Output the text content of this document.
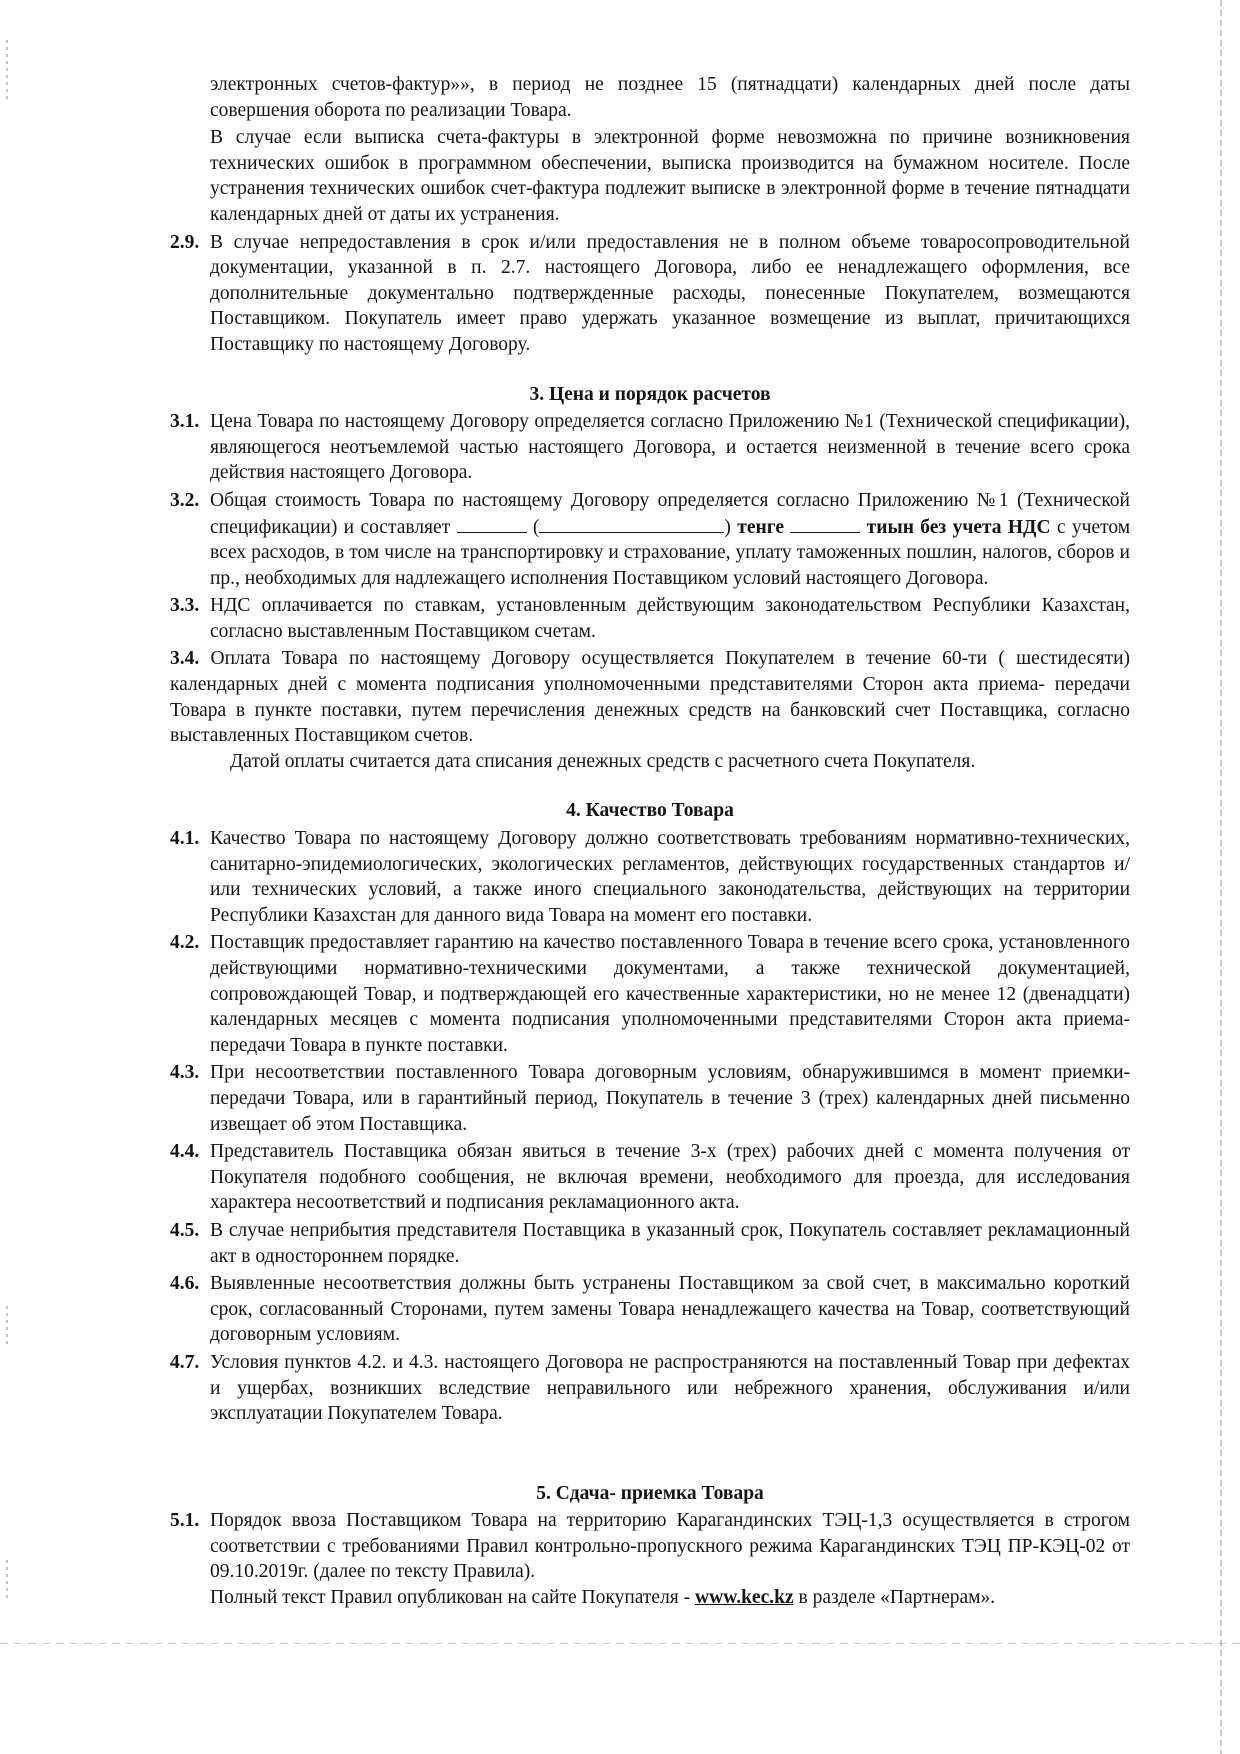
электронных счетов-фактур»», в период не позднее 15 (пятнадцати) календарных дней после даты совершения оборота по реализации Товара.

В случае если выписка счета-фактуры в электронной форме невозможна по причине возникновения технических ошибок в программном обеспечении, выписка производится на бумажном носителе. После устранения технических ошибок счет-фактура подлежит выписке в электронной форме в течение пятнадцати календарных дней от даты их устранения.

2.9. В случае непредоставления в срок и/или предоставления не в полном объеме товаросопроводительной документации, указанной в п. 2.7. настоящего Договора, либо ее ненадлежащего оформления, все дополнительные документально подтвержденные расходы, понесенные Покупателем, возмещаются Поставщиком. Покупатель имеет право удержать указанное возмещение из выплат, причитающихся Поставщику по настоящему Договору.
3. Цена и порядок расчетов
3.1. Цена Товара по настоящему Договору определяется согласно Приложению №1 (Технической спецификации), являющегося неотъемлемой частью настоящего Договора, и остается неизменной в течение всего срока действия настоящего Договора.
3.2. Общая стоимость Товара по настоящему Договору определяется согласно Приложению №1 (Технической спецификации) и составляет	(	) тенге	тиын без учета НДС с учетом всех расходов, в том числе на транспортировку и страхование, уплату таможенных пошлин, налогов, сборов и пр., необходимых для надлежащего исполнения Поставщиком условий настоящего Договора.
3.3. НДС оплачивается по ставкам, установленным действующим законодательством Республики Казахстан, согласно выставленным Поставщиком счетам.

3.4. Оплата Товара по настоящему Договору осуществляется Покупателем в течение 60-ти ( шестидесяти) календарных дней с момента подписания уполномоченными представителями Сторон акта приема- передачи Товара в пункте поставки, путем перечисления денежных средств на банковский счет Поставщика, согласно выставленных Поставщиком счетов.

Датой оплаты считается дата списания денежных средств с расчетного счета Покупателя.

4. Качество Товара
4.1. Качество Товара по настоящему Договору должно соответствовать требованиям нормативно-технических, санитарно-эпидемиологических, экологических регламентов, действующих государственных стандартов и/или технических условий, а также иного специального законодательства, действующих на территории Республики Казахстан для данного вида Товара на момент его поставки.
4.2. Поставщик предоставляет гарантию на качество поставленного Товара в течение всего срока, установленного действующими нормативно-техническими документами, а также технической документацией, сопровождающей Товар, и подтверждающей его качественные характеристики, но не менее 12 (двенадцати) календарных месяцев с момента подписания уполномоченными представителями Сторон акта приема-передачи Товара в пункте поставки.
4.3. При несоответствии поставленного Товара договорным условиям, обнаружившимся в момент приемки-передачи Товара, или в гарантийный период, Покупатель в течение 3 (трех) календарных дней письменно извещает об этом Поставщика.
4.4. Представитель Поставщика обязан явиться в течение 3-х (трех) рабочих дней с момента получения от Покупателя подобного сообщения, не включая времени, необходимого для проезда, для исследования характера несоответствий и подписания рекламационного акта.
4.5. В случае неприбытия представителя Поставщика в указанный срок, Покупатель составляет рекламационный акт в одностороннем порядке.
4.6. Выявленные несоответствия должны быть устранены Поставщиком за свой счет, в максимально короткий срок, согласованный Сторонами, путем замены Товара ненадлежащего качества на Товар, соответствующий договорным условиям.
4.7. Условия пунктов 4.2. и 4.3. настоящего Договора не распространяются на поставленный Товар при дефектах и ущербах, возникших вследствие неправильного или небрежного хранения, обслуживания и/или эксплуатации Покупателем Товара.
5. Сдача- приемка Товара
5.1. Порядок ввоза Поставщиком Товара на территорию Карагандинских ТЭЦ-1,3 осуществляется в строгом соответствии с требованиями Правил контрольно-пропускного режима Карагандинских ТЭЦ ПР-КЭЦ-02 от 09.10.2019г. (далее по тексту Правила).
Полный текст Правил опубликован на сайте Покупателя - www.kec.kz в разделе «Партнерам».
